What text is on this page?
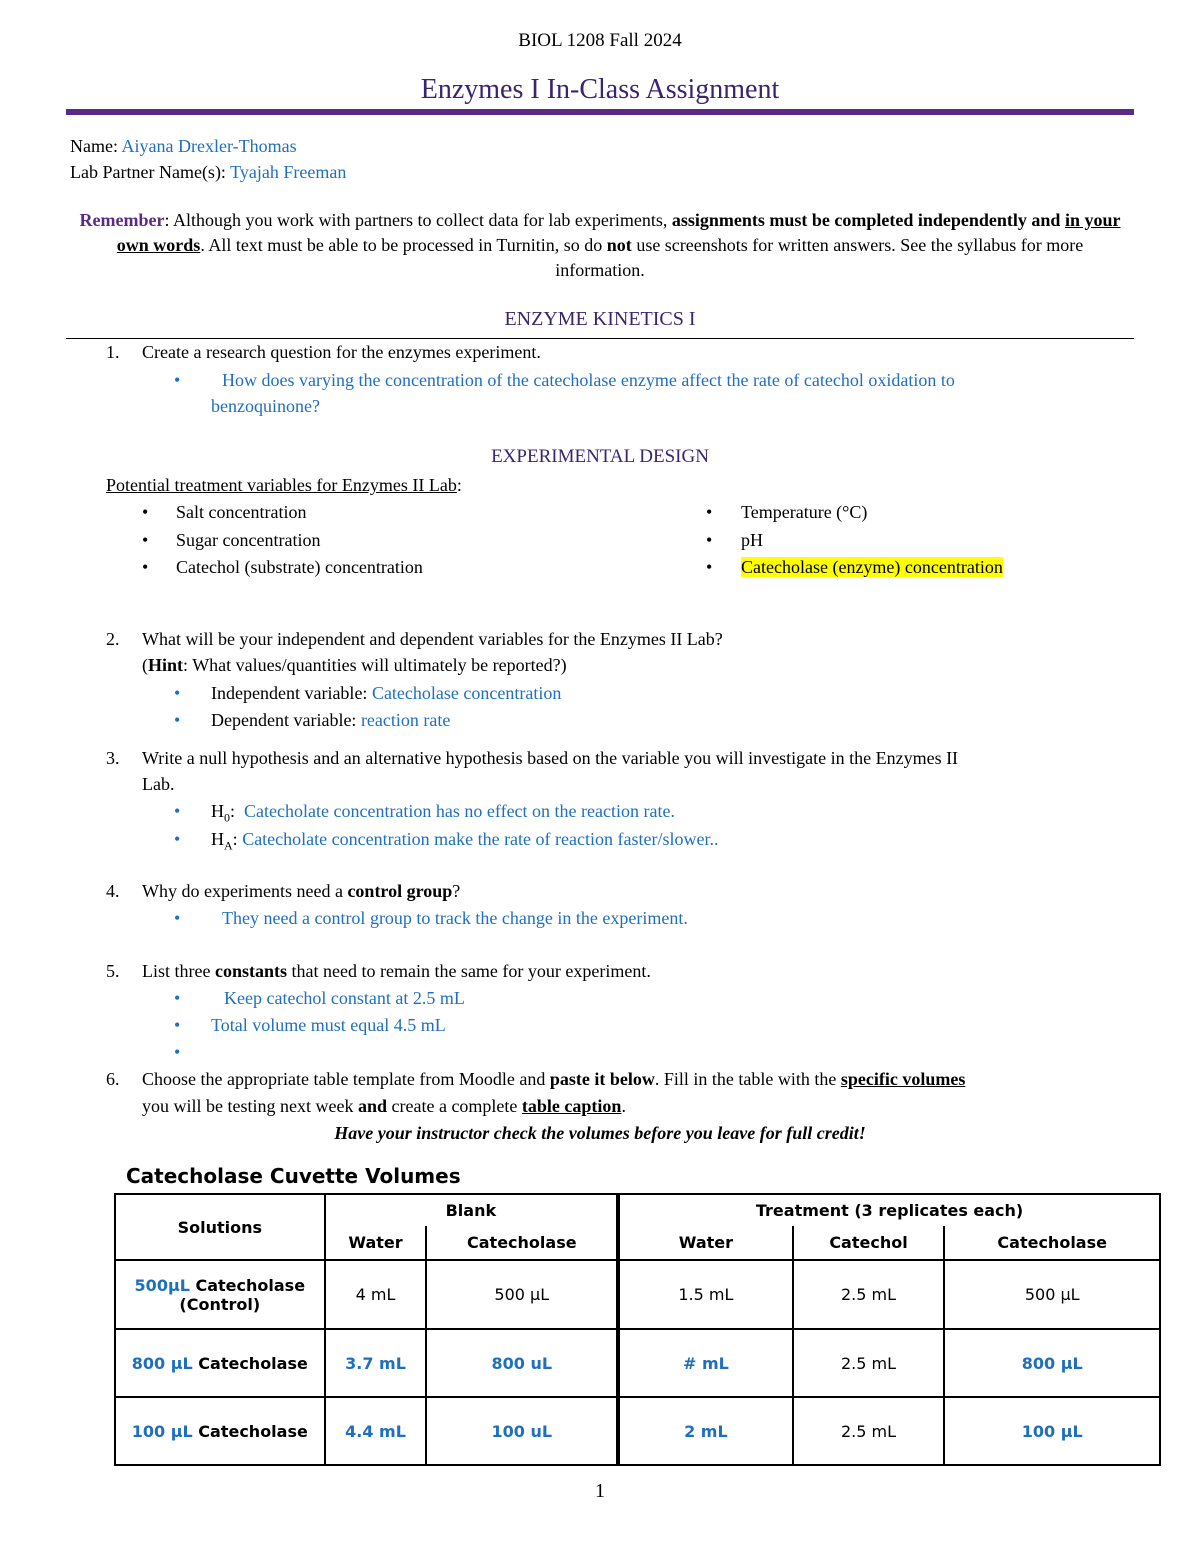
BIOL 1208 Fall 2024
Enzymes I In-Class Assignment
Name: Aiyana Drexler-Thomas
Lab Partner Name(s): Tyajah Freeman
Remember: Although you work with partners to collect data for lab experiments, assignments must be completed independently and in your own words. All text must be able to be processed in Turnitin, so do not use screenshots for written answers. See the syllabus for more information.
ENZYME KINETICS I
1. Create a research question for the enzymes experiment.
• How does varying the concentration of the catecholase enzyme affect the rate of catechol oxidation to
benzoquinone?
EXPERIMENTAL DESIGN
Potential treatment variables for Enzymes II Lab:
• Salt concentration
• Sugar concentration
• Catechol (substrate) concentration
• Temperature (°C)
• pH
• Catecholase (enzyme) concentration
2. What will be your independent and dependent variables for the Enzymes II Lab?
(Hint: What values/quantities will ultimately be reported?)
• Independent variable: Catecholase concentration
• Dependent variable: reaction rate
3. Write a null hypothesis and an alternative hypothesis based on the variable you will investigate in the Enzymes II
Lab.
• $H_0$: Catecholate concentration has no effect on the reaction rate.
• $H_A$: Catecholate concentration make the rate of reaction faster/slower..
4. Why do experiments need a control group?
• They need a control group to track the change in the experiment.
5. List three constants that need to remain the same for your experiment.
• Keep catechol constant at 2.5 mL
• Total volume must equal 4.5 mL
•
6. Choose the appropriate table template from Moodle and paste it below. Fill in the table with the specific volumes
you will be testing next week and create a complete table caption.
Have your instructor check the volumes before you leave for full credit!
Catecholase Cuvette Volumes
Solutions	Blank		Treatment (3 replicates each)		
	Water	Catecholase	Water	Catechol	Catecholase
500μL Catecholase
(Control)	4 mL	500 μL	1.5 mL	2.5 mL	500 μL
800 μL Catecholase	3.7 mL	800 uL	# mL	2.5 mL	800 μL
100 μL Catecholase	4.4 mL	100 uL	2 mL	2.5 mL	100 μL
1
